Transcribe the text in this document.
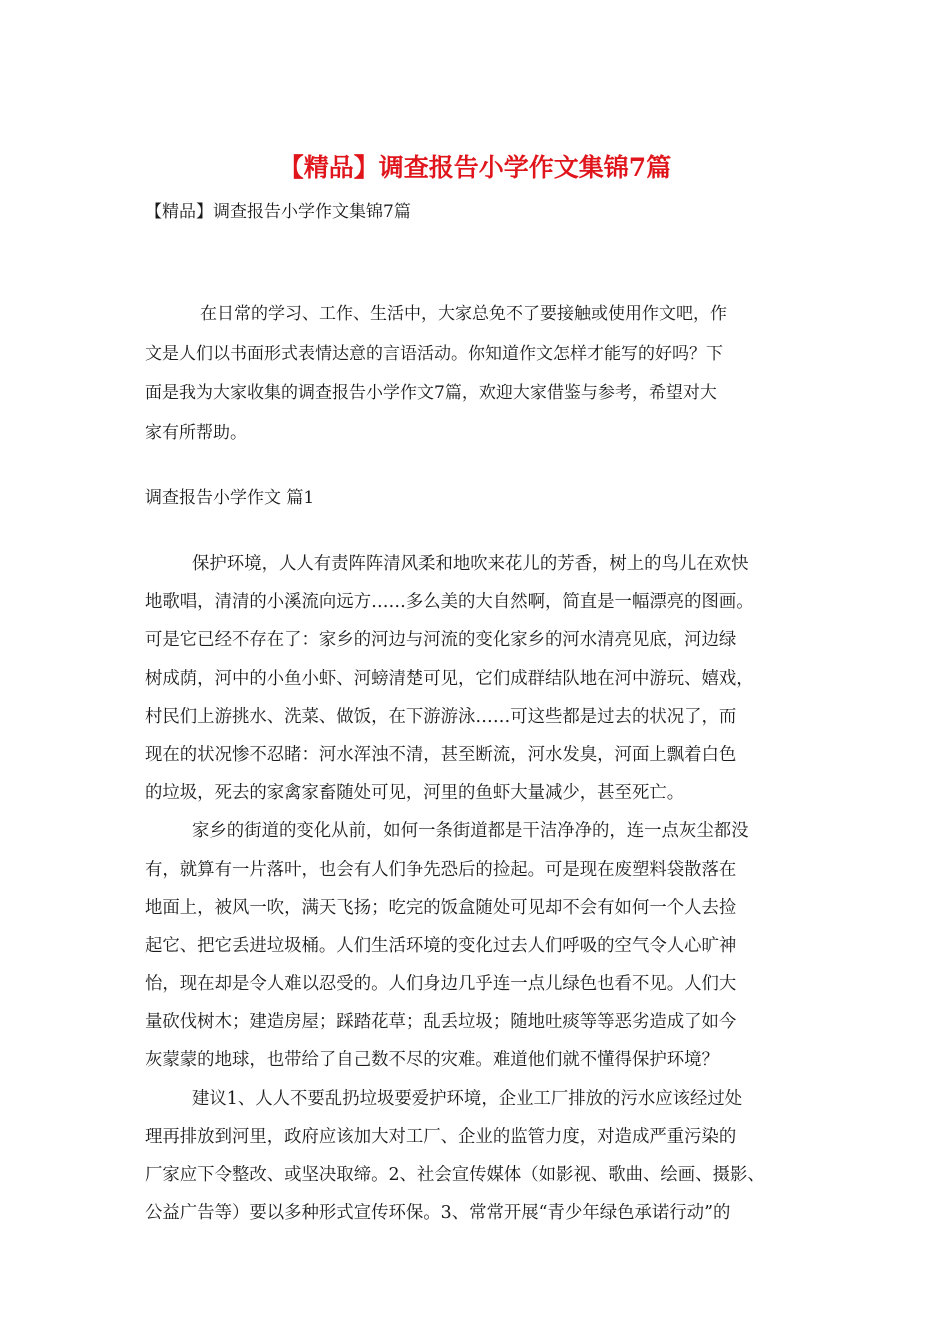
【精品】调查报告小学作文集锦7篇
【精品】调查报告小学作文集锦7篇
在日常的学习、工作、生活中，大家总免不了要接触或使用作文吧，作
文是人们以书面形式表情达意的言语活动。你知道作文怎样才能写的好吗？下
面是我为大家收集的调查报告小学作文7篇，欢迎大家借鉴与参考，希望对大
家有所帮助。
调查报告小学作文 篇1
保护环境，人人有责阵阵清风柔和地吹来花儿的芳香，树上的鸟儿在欢快
地歌唱，清清的小溪流向远方……多么美的大自然啊，简直是一幅漂亮的图画。
可是它已经不存在了：家乡的河边与河流的变化家乡的河水清亮见底，河边绿
树成荫，河中的小鱼小虾、河螃清楚可见，它们成群结队地在河中游玩、嬉戏，
村民们上游挑水、洗菜、做饭，在下游游泳……可这些都是过去的状况了，而
现在的状况惨不忍睹：河水浑浊不清，甚至断流，河水发臭，河面上飘着白色
的垃圾，死去的家禽家畜随处可见，河里的鱼虾大量减少，甚至死亡。
家乡的街道的变化从前，如何一条街道都是干洁净净的，连一点灰尘都没
有，就算有一片落叶，也会有人们争先恐后的捡起。可是现在废塑料袋散落在
地面上，被风一吹，满天飞扬；吃完的饭盒随处可见却不会有如何一个人去捡
起它、把它丢进垃圾桶。人们生活环境的变化过去人们呼吸的空气令人心旷神
怡，现在却是令人难以忍受的。人们身边几乎连一点儿绿色也看不见。人们大
量砍伐树木；建造房屋；踩踏花草；乱丢垃圾；随地吐痰等等恶劣造成了如今
灰蒙蒙的地球，也带给了自己数不尽的灾难。难道他们就不懂得保护环境？
建议1、人人不要乱扔垃圾要爱护环境，企业工厂排放的污水应该经过处
理再排放到河里，政府应该加大对工厂、企业的监管力度，对造成严重污染的
厂家应下令整改、或坚决取缔。2、社会宣传媒体（如影视、歌曲、绘画、摄影、
公益广告等）要以多种形式宣传环保。3、常常开展“青少年绿色承诺行动”的
